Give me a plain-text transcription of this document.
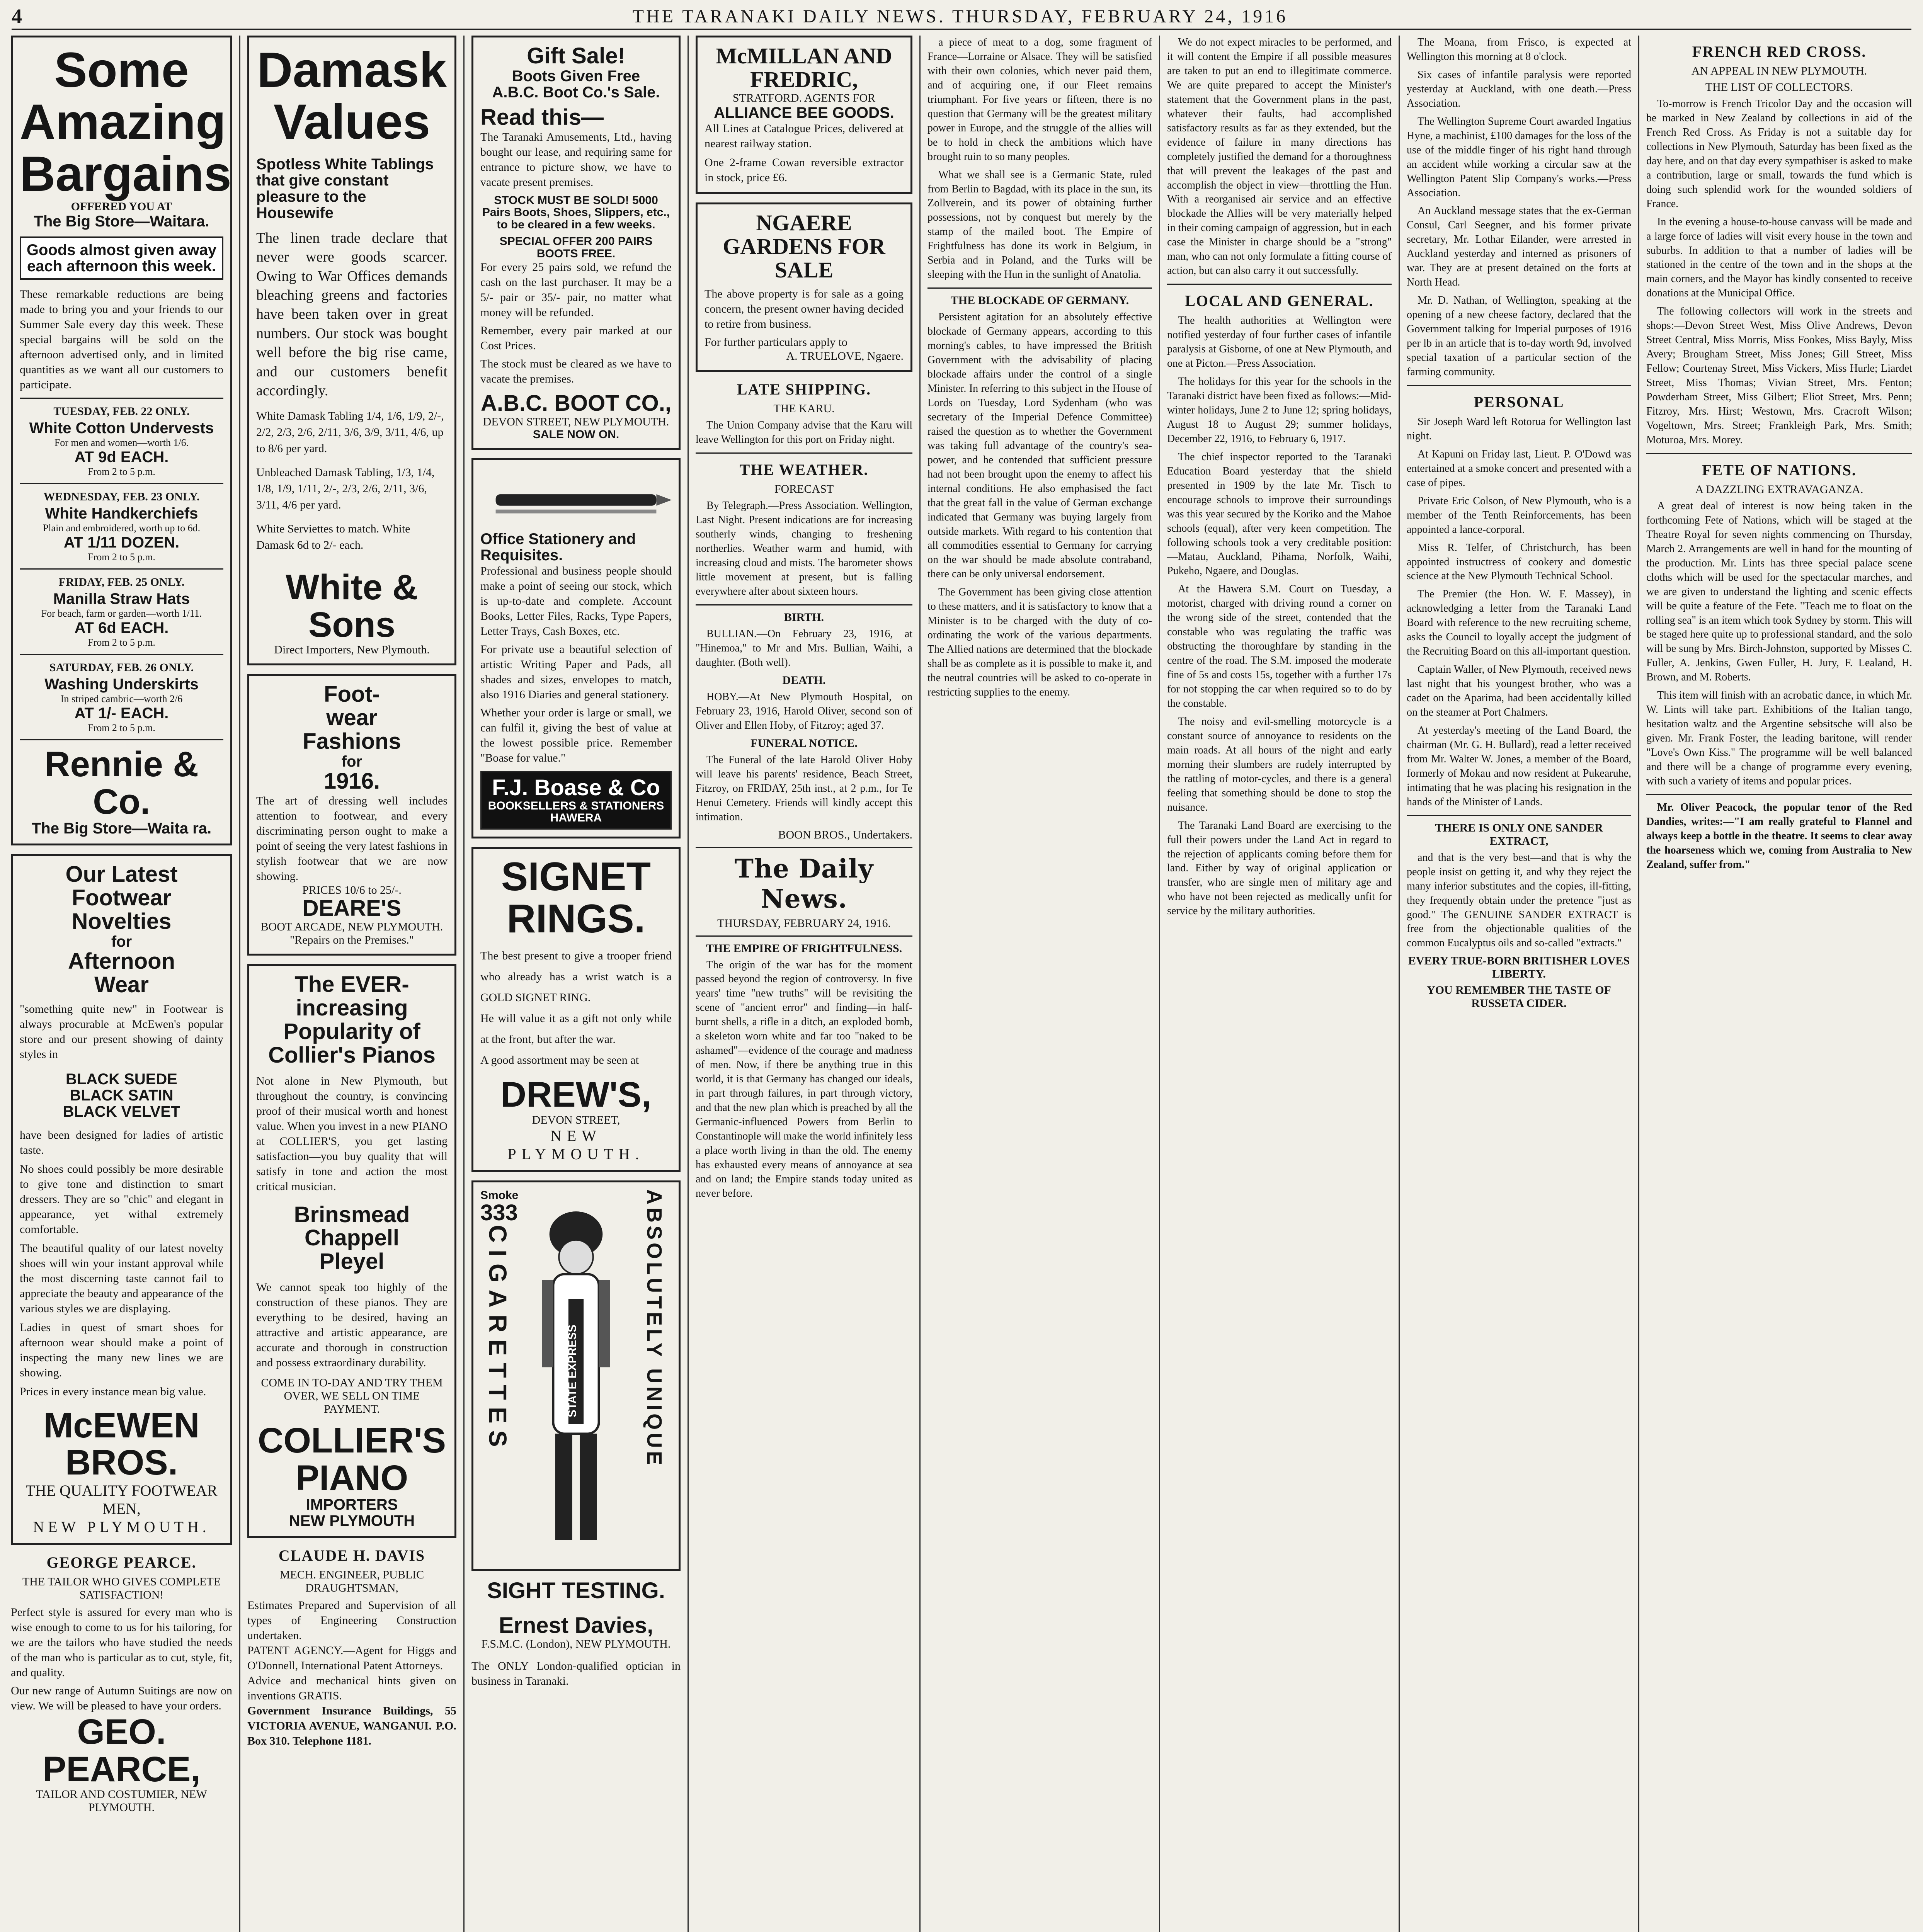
4	THE TARANAKI DAILY NEWS. THURSDAY, FEBRUARY 24, 1916
Some
Amazing
Bargains
OFFERED YOU AT
The Big Store—Waitara.
Goods almost given away each afternoon this week.
These remarkable reductions are being made to bring you and your friends to our Summer Sale every day this week. These special bargains will be sold on the afternoon advertised only, and in limited quantities as we want all our customers to participate.
TUESDAY, FEB. 22 ONLY.
White Cotton Undervests
For men and women—worth 1/6.
AT 9d EACH.
From 2 to 5 p.m.
WEDNESDAY, FEB. 23 ONLY.
White Handkerchiefs
Plain and embroidered, worth up to 6d.
AT 1/11 DOZEN.
From 2 to 5 p.m.
FRIDAY, FEB. 25 ONLY.
Manilla Straw Hats
For beach, farm or garden—worth 1/11.
AT 6d EACH.
From 2 to 5 p.m.
SATURDAY, FEB. 26 ONLY.
Washing Underskirts
In striped cambric—worth 2/6
AT 1/- EACH.
From 2 to 5 p.m.
Rennie & Co.
The Big Store—Waita ra.
Our Latest
Footwear Novelties
for
Afternoon
Wear
"something quite new" in Footwear is always procurable at McEwen's popular store and our present showing of dainty styles in
BLACK SUEDE
BLACK SATIN
BLACK VELVET
have been designed for ladies of artistic taste.
No shoes could possibly be more desirable to give tone and distinction to smart dressers. They are so "chic" and elegant in appearance, yet withal extremely comfortable.
The beautiful quality of our latest novelty shoes will win your instant approval while the most discerning taste cannot fail to appreciate the beauty and appearance of the various styles we are displaying.
Ladies in quest of smart shoes for afternoon wear should make a point of inspecting the many new lines we are showing.
Prices in every instance mean big value.
McEWEN BROS.
THE QUALITY FOOTWEAR MEN,
NEW PLYMOUTH.
GEORGE PEARCE.
THE TAILOR WHO GIVES COMPLETE SATISFACTION!
Perfect style is assured for every man who is wise enough to come to us for his tailoring, for we are the tailors who have studied the needs of the man who is particular as to cut, style, fit, and quality.
Our new range of Autumn Suitings are now on view. We will be pleased to have your orders.
GEO. PEARCE,
TAILOR AND COSTUMIER, NEW PLYMOUTH.
Damask
Values
Spotless White Tablings that give constant pleasure to the Housewife
The linen trade declare that never were goods scarcer. Owing to War Offices demands bleaching greens and factories have been taken over in great numbers. Our stock was bought well before the big rise came, and our customers benefit accordingly.
White Damask Tabling 1/4, 1/6, 1/9, 2/-, 2/2, 2/3, 2/6, 2/11, 3/6, 3/9, 3/11, 4/6, up to 8/6 per yard.
Unbleached Damask Tabling, 1/3, 1/4, 1/8, 1/9, 1/11, 2/-, 2/3, 2/6, 2/11, 3/6, 3/11, 4/6 per yard.
White Serviettes to match. White Damask 6d to 2/- each.
White & Sons
Direct Importers, New Plymouth.
Foot-
wear
Fashions
for
1916.
The art of dressing well includes attention to footwear, and every discriminating person ought to make a point of seeing the very latest fashions in stylish footwear that we are now showing.
PRICES 10/6 to 25/-.
DEARE'S
BOOT ARCADE, NEW PLYMOUTH.
"Repairs on the Premises."
The EVER-increasing Popularity of Collier's Pianos
Not alone in New Plymouth, but throughout the country, is convincing proof of their musical worth and honest value. When you invest in a new PIANO at COLLIER'S, you get lasting satisfaction—you buy quality that will satisfy in tone and action the most critical musician.
Brinsmead
Chappell
Pleyel
We cannot speak too highly of the construction of these pianos. They are everything to be desired, having an attractive and artistic appearance, are accurate and thorough in construction and possess extraordinary durability.
COME IN TO-DAY AND TRY THEM OVER, WE SELL ON TIME PAYMENT.
COLLIER'S
PIANO
IMPORTERS
NEW PLYMOUTH
CLAUDE H. DAVIS
MECH. ENGINEER, PUBLIC DRAUGHTSMAN,
Estimates Prepared and Supervision of all types of Engineering Construction undertaken.
PATENT AGENCY.—Agent for Higgs and O'Donnell, International Patent Attorneys.
Advice and mechanical hints given on inventions GRATIS.
Government Insurance Buildings, 55 VICTORIA AVENUE, WANGANUI. P.O. Box 310. Telephone 1181.
Gift Sale!
Boots Given Free
A.B.C. Boot Co.'s Sale.
Read this—
The Taranaki Amusements, Ltd., having bought our lease, and requiring same for entrance to picture show, we have to vacate present premises.
STOCK MUST BE SOLD! 5000 Pairs Boots, Shoes, Slippers, etc., to be cleared in a few weeks.
SPECIAL OFFER 200 PAIRS BOOTS FREE.
For every 25 pairs sold, we refund the cash on the last purchaser. It may be a 5/- pair or 35/- pair, no matter what money will be refunded.
Remember, every pair marked at our Cost Prices.
The stock must be cleared as we have to vacate the premises.
A.B.C. BOOT CO.,
DEVON STREET, NEW PLYMOUTH.
SALE NOW ON.
Office Stationery and Requisites.
Professional and business people should make a point of seeing our stock, which is up-to-date and complete. Account Books, Letter Files, Racks, Type Papers, Letter Trays, Cash Boxes, etc.
For private use a beautiful selection of artistic Writing Paper and Pads, all shades and sizes, envelopes to match, also 1916 Diaries and general stationery.
Whether your order is large or small, we can fulfil it, giving the best of value at the lowest possible price. Remember "Boase for value."
F.J. Boase & Co
BOOKSELLERS & STATIONERS
HAWERA
SIGNET RINGS.
The best present to give a trooper friend who already has a wrist watch is a GOLD SIGNET RING.
He will value it as a gift not only while at the front, but after the war.
A good assortment may be seen at
DREW'S,
DEVON STREET,
NEW PLYMOUTH.
Smoke
333
CIGARETTES	STATE EXPRESS	ABSOLUTELY UNIQUE
SIGHT TESTING.
Ernest Davies,
F.S.M.C. (London), NEW PLYMOUTH.
The ONLY London-qualified optician in business in Taranaki.
McMILLAN AND FREDRIC,
STRATFORD. AGENTS FOR
ALLIANCE BEE GOODS.
All Lines at Catalogue Prices, delivered at nearest railway station.
One 2-frame Cowan reversible extractor in stock, price £6.
NGAERE GARDENS FOR SALE
The above property is for sale as a going concern, the present owner having decided to retire from business.
For further particulars apply to
A. TRUELOVE, Ngaere.
LATE SHIPPING.
THE KARU.

The Union Company advise that the Karu will leave Wellington for this port on Friday night.

THE WEATHER.
FORECAST

By Telegraph.—Press Association. Wellington, Last Night. Present indications are for increasing southerly winds, changing to freshening northerlies. Weather warm and humid, with increasing cloud and mists. The barometer shows little movement at present, but is falling everywhere after about sixteen hours.

BIRTH.

BULLIAN.—On February 23, 1916, at "Hinemoa," to Mr and Mrs. Bullian, Waihi, a daughter. (Both well).

DEATH.

HOBY.—At New Plymouth Hospital, on February 23, 1916, Harold Oliver, second son of Oliver and Ellen Hoby, of Fitzroy; aged 37.

FUNERAL NOTICE.

The Funeral of the late Harold Oliver Hoby will leave his parents' residence, Beach Street, Fitzroy, on FRIDAY, 25th inst., at 2 p.m., for Te Henui Cemetery. Friends will kindly accept this intimation.

BOON BROS., Undertakers.
The Daily News.
THURSDAY, FEBRUARY 24, 1916.
THE EMPIRE OF FRIGHTFULNESS.

The origin of the war has for the moment passed beyond the region of controversy. In five years' time "new truths" will be revisiting the scene of "ancient error" and finding—in half-burnt shells, a rifle in a ditch, an exploded bomb, a skeleton worn white and far too "naked to be ashamed"—evidence of the courage and madness of men. Now, if there be anything true in this world, it is that Germany has changed our ideals, in part through failures, in part through victory, and that the new plan which is preached by all the Germanic-influenced Powers from Berlin to Constantinople will make the world infinitely less a place worth living in than the old. The enemy has exhausted every means of annoyance at sea and on land; the Empire stands today united as never before.

a piece of meat to a dog, some fragment of France—Lorraine or Alsace. They will be satisfied with their own colonies, which never paid them, and of acquiring one, if our Fleet remains triumphant. For five years or fifteen, there is no question that Germany will be the greatest military power in Europe, and the struggle of the allies will be to hold in check the ambitions which have brought ruin to so many peoples.

What we shall see is a Germanic State, ruled from Berlin to Bagdad, with its place in the sun, its Zollverein, and its power of obtaining further possessions, not by conquest but merely by the stamp of the mailed boot. The Empire of Frightfulness has done its work in Belgium, in Serbia and in Poland, and the Turks will be sleeping with the Hun in the sunlight of Anatolia.

THE BLOCKADE OF GERMANY.

Persistent agitation for an absolutely effective blockade of Germany appears, according to this morning's cables, to have impressed the British Government with the advisability of placing blockade affairs under the control of a single Minister. In referring to this subject in the House of Lords on Tuesday, Lord Sydenham (who was secretary of the Imperial Defence Committee) raised the question as to whether the Government was taking full advantage of the country's sea-power, and he contended that sufficient pressure had not been brought upon the enemy to affect his internal conditions. He also emphasised the fact that the great fall in the value of German exchange indicated that Germany was buying largely from outside markets. With regard to his contention that all commodities essential to Germany for carrying on the war should be made absolute contraband, there can be only universal endorsement.

The Government has been giving close attention to these matters, and it is satisfactory to know that a Minister is to be charged with the duty of co-ordinating the work of the various departments. The Allied nations are determined that the blockade shall be as complete as it is possible to make it, and the neutral countries will be asked to co-operate in restricting supplies to the enemy.

We do not expect miracles to be performed, and it will content the Empire if all possible measures are taken to put an end to illegitimate commerce. We are quite prepared to accept the Minister's statement that the Government plans in the past, whatever their faults, had accomplished satisfactory results as far as they extended, but the evidence of failure in many directions has completely justified the demand for a thoroughness that will prevent the leakages of the past and accomplish the object in view—throttling the Hun. With a reorganised air service and an effective blockade the Allies will be very materially helped in their coming campaign of aggression, but in each case the Minister in charge should be a "strong" man, who can not only formulate a fitting course of action, but can also carry it out successfully.

LOCAL AND GENERAL.

The health authorities at Wellington were notified yesterday of four further cases of infantile paralysis at Gisborne, of one at New Plymouth, and one at Picton.—Press Association.

The holidays for this year for the schools in the Taranaki district have been fixed as follows:—Mid-winter holidays, June 2 to June 12; spring holidays, August 18 to August 29; summer holidays, December 22, 1916, to February 6, 1917.

The chief inspector reported to the Taranaki Education Board yesterday that the shield presented in 1909 by the late Mr. Tisch to encourage schools to improve their surroundings was this year secured by the Koriko and the Mahoe schools (equal), after very keen competition. The following schools took a very creditable position:—Matau, Auckland, Pihama, Norfolk, Waihi, Pukeho, Ngaere, and Douglas.

At the Hawera S.M. Court on Tuesday, a motorist, charged with driving round a corner on the wrong side of the street, contended that the constable who was regulating the traffic was obstructing the thoroughfare by standing in the centre of the road. The S.M. imposed the moderate fine of 5s and costs 15s, together with a further 17s for not stopping the car when required so to do by the constable.

The noisy and evil-smelling motorcycle is a constant source of annoyance to residents on the main roads. At all hours of the night and early morning their slumbers are rudely interrupted by the rattling of motor-cycles, and there is a general feeling that something should be done to stop the nuisance.

The Taranaki Land Board are exercising to the full their powers under the Land Act in regard to the rejection of applicants coming before them for land. Either by way of original application or transfer, who are single men of military age and who have not been rejected as medically unfit for service by the military authorities.

The Moana, from Frisco, is expected at Wellington this morning at 8 o'clock.

Six cases of infantile paralysis were reported yesterday at Auckland, with one death.—Press Association.

The Wellington Supreme Court awarded Ingatius Hyne, a machinist, £100 damages for the loss of the use of the middle finger of his right hand through an accident while working a circular saw at the Wellington Patent Slip Company's works.—Press Association.

An Auckland message states that the ex-German Consul, Carl Seegner, and his former private secretary, Mr. Lothar Eilander, were arrested in Auckland yesterday and interned as prisoners of war. They are at present detained on the forts at North Head.

Mr. D. Nathan, of Wellington, speaking at the opening of a new cheese factory, declared that the Government talking for Imperial purposes of 1916 per lb in an article that is to-day worth 9d, involved special taxation of a particular section of the farming community.

PERSONAL

Sir Joseph Ward left Rotorua for Wellington last night.

At Kapuni on Friday last, Lieut. P. O'Dowd was entertained at a smoke concert and presented with a case of pipes.

Private Eric Colson, of New Plymouth, who is a member of the Tenth Reinforcements, has been appointed a lance-corporal.

Miss R. Telfer, of Christchurch, has been appointed instructress of cookery and domestic science at the New Plymouth Technical School.

The Premier (the Hon. W. F. Massey), in acknowledging a letter from the Taranaki Land Board with reference to the new recruiting scheme, asks the Council to loyally accept the judgment of the Recruiting Board on this all-important question.

Captain Waller, of New Plymouth, received news last night that his youngest brother, who was a cadet on the Aparima, had been accidentally killed on the steamer at Port Chalmers.

At yesterday's meeting of the Land Board, the chairman (Mr. G. H. Bullard), read a letter received from Mr. Walter W. Jones, a member of the Board, formerly of Mokau and now resident at Pukearuhe, intimating that he was placing his resignation in the hands of the Minister of Lands.

THERE IS ONLY ONE SANDER EXTRACT,

and that is the very best—and that is why the people insist on getting it, and why they reject the many inferior substitutes and the copies, ill-fitting, they frequently obtain under the pretence "just as good." The GENUINE SANDER EXTRACT is free from the objectionable qualities of the common Eucalyptus oils and so-called "extracts."

EVERY TRUE-BORN BRITISHER LOVES LIBERTY.
YOU REMEMBER THE TASTE OF RUSSETA CIDER.
FRENCH RED CROSS.
AN APPEAL IN NEW PLYMOUTH.
THE LIST OF COLLECTORS.

To-morrow is French Tricolor Day and the occasion will be marked in New Zealand by collections in aid of the French Red Cross. As Friday is not a suitable day for collections in New Plymouth, Saturday has been fixed as the day here, and on that day every sympathiser is asked to make a contribution, large or small, towards the fund which is doing such splendid work for the wounded soldiers of France.

In the evening a house-to-house canvass will be made and a large force of ladies will visit every house in the town and suburbs. In addition to that a number of ladies will be stationed in the centre of the town and in the shops at the main corners, and the Mayor has kindly consented to receive donations at the Municipal Office.

The following collectors will work in the streets and shops:—Devon Street West, Miss Olive Andrews, Devon Street Central, Miss Morris, Miss Fookes, Miss Bayly, Miss Avery; Brougham Street, Miss Jones; Gill Street, Miss Fellow; Courtenay Street, Miss Vickers, Miss Hurle; Liardet Street, Miss Thomas; Vivian Street, Mrs. Fenton; Powderham Street, Miss Gilbert; Eliot Street, Mrs. Penn; Fitzroy, Mrs. Hirst; Westown, Mrs. Cracroft Wilson; Vogeltown, Mrs. Street; Frankleigh Park, Mrs. Smith; Moturoa, Mrs. Morey.

FETE OF NATIONS.
A DAZZLING EXTRAVAGANZA.

A great deal of interest is now being taken in the forthcoming Fete of Nations, which will be staged at the Theatre Royal for seven nights commencing on Thursday, March 2. Arrangements are well in hand for the mounting of the production. Mr. Lints has three special palace scene cloths which will be used for the spectacular marches, and we are given to understand the lighting and scenic effects will be quite a feature of the Fete. "Teach me to float on the rolling sea" is an item which took Sydney by storm. This will be staged here quite up to professional standard, and the solo will be sung by Mrs. Birch-Johnston, supported by Misses C. Fuller, A. Jenkins, Gwen Fuller, H. Jury, F. Lealand, H. Brown, and M. Roberts.

This item will finish with an acrobatic dance, in which Mr. W. Lints will take part. Exhibitions of the Italian tango, hesitation waltz and the Argentine sebsitsche will also be given. Mr. Frank Foster, the leading baritone, will render "Love's Own Kiss." The programme will be well balanced and there will be a change of programme every evening, with such a variety of items and popular prices.

Mr. Oliver Peacock, the popular tenor of the Red Dandies, writes:—"I am really grateful to Flannel and always keep a bottle in the theatre. It seems to clear away the hoarseness which we, coming from Australia to New Zealand, suffer from."
